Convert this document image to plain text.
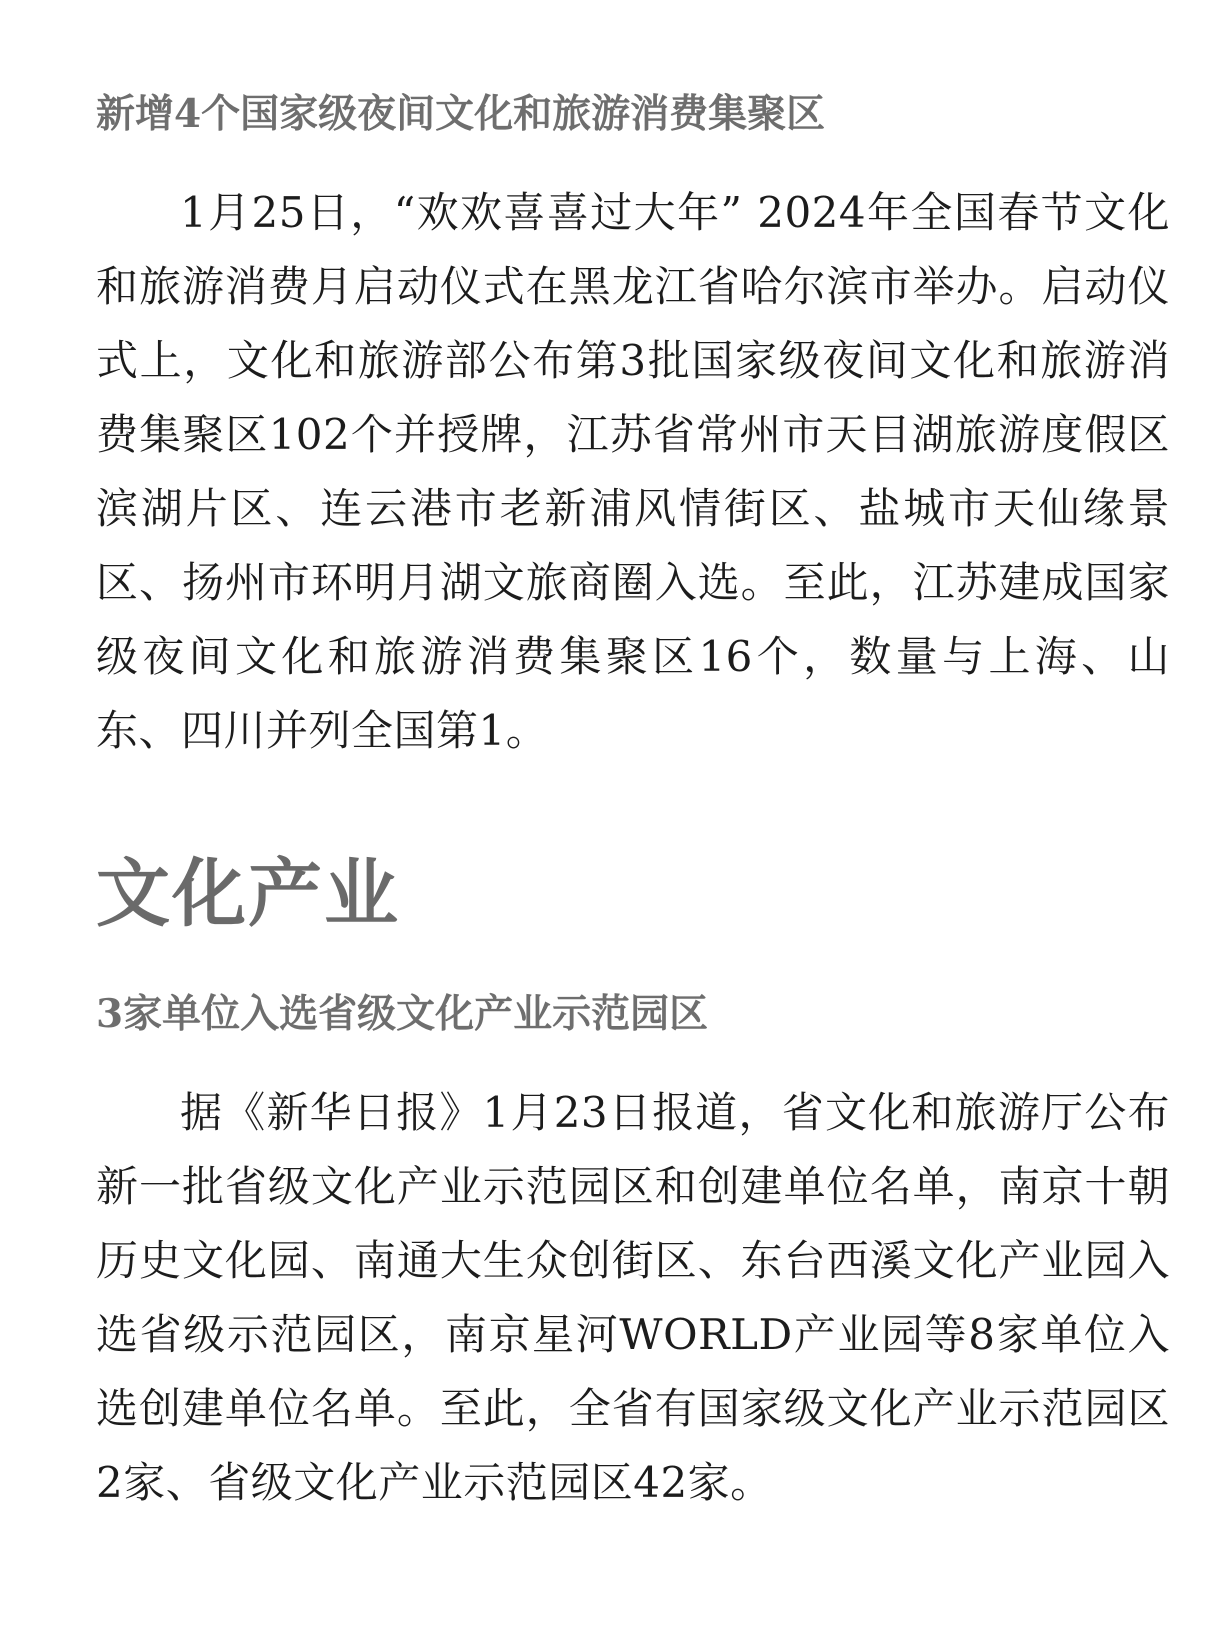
新增4个国家级夜间文化和旅游消费集聚区

1月25日，“欢欢喜喜过大年” 2024年全国春节文化和旅游消费月启动仪式在黑龙江省哈尔滨市举办。启动仪式上，文化和旅游部公布第3批国家级夜间文化和旅游消费集聚区102个并授牌，江苏省常州市天目湖旅游度假区滨湖片区、连云港市老新浦风情街区、盐城市天仙缘景区、扬州市环明月湖文旅商圈入选。至此，江苏建成国家级夜间文化和旅游消费集聚区16个，数量与上海、山东、四川并列全国第1。

文化产业
3家单位入选省级文化产业示范园区

据《新华日报》1月23日报道，省文化和旅游厅公布新一批省级文化产业示范园区和创建单位名单，南京十朝历史文化园、南通大生众创街区、东台西溪文化产业园入选省级示范园区，南京星河WORLD产业园等8家单位入选创建单位名单。至此，全省有国家级文化产业示范园区2家、省级文化产业示范园区42家。
